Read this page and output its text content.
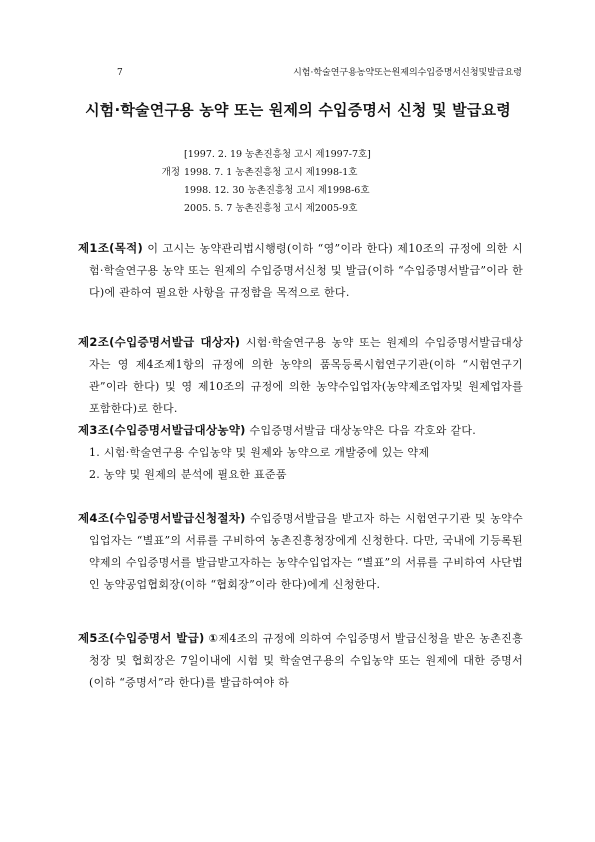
7	시험·학술연구용농약또는원제의수입증명서신청및발급요령
시험·학술연구용 농약 또는 원제의 수입증명서 신청 및 발급요령
[1997. 2. 19 농촌진흥청 고시 제1997-7호]
개정 1998. 7. 1 농촌진흥청 고시 제1998-1호
1998. 12. 30 농촌진흥청 고시 제1998-6호
2005. 5. 7 농촌진흥청 고시 제2005-9호

제1조(목적) 이 고시는 농약관리법시행령(이하 “영”이라 한다) 제10조의 규정에 의한 시험·학술연구용 농약 또는 원제의 수입증명서신청 및 발급(이하 “수입증명서발급”이라 한다)에 관하여 필요한 사항을 규정함을 목적으로 한다.

제2조(수입증명서발급 대상자) 시험·학술연구용 농약 또는 원제의 수입증명서발급대상자는 영 제4조제1항의 규정에 의한 농약의 품목등록시험연구기관(이하 “시험연구기관”이라 한다) 및 영 제10조의 규정에 의한 농약수입업자(농약제조업자및 원제업자를 포함한다)로 한다.

제3조(수입증명서발급대상농약) 수입증명서발급 대상농약은 다음 각호와 같다.

1. 시험·학술연구용 수입농약 및 원제와 농약으로 개발중에 있는 약제
2. 농약 및 원제의 분석에 필요한 표준품

제4조(수입증명서발급신청절차) 수입증명서발급을 받고자 하는 시험연구기관 및 농약수입업자는 “별표”의 서류를 구비하여 농촌진흥청장에게 신청한다. 다만, 국내에 기등록된 약제의 수입증명서를 발급받고자하는 농약수입업자는 “별표”의 서류를 구비하여 사단법인 농약공업협회장(이하 “협회장”이라 한다)에게 신청한다.

제5조(수입증명서 발급) ①제4조의 규정에 의하여 수입증명서 발급신청을 받은 농촌진흥청장 및 협회장은 7일이내에 시험 및 학술연구용의 수입농약 또는 원제에 대한 증명서(이하 “증명서”라 한다)를 발급하여야 하
